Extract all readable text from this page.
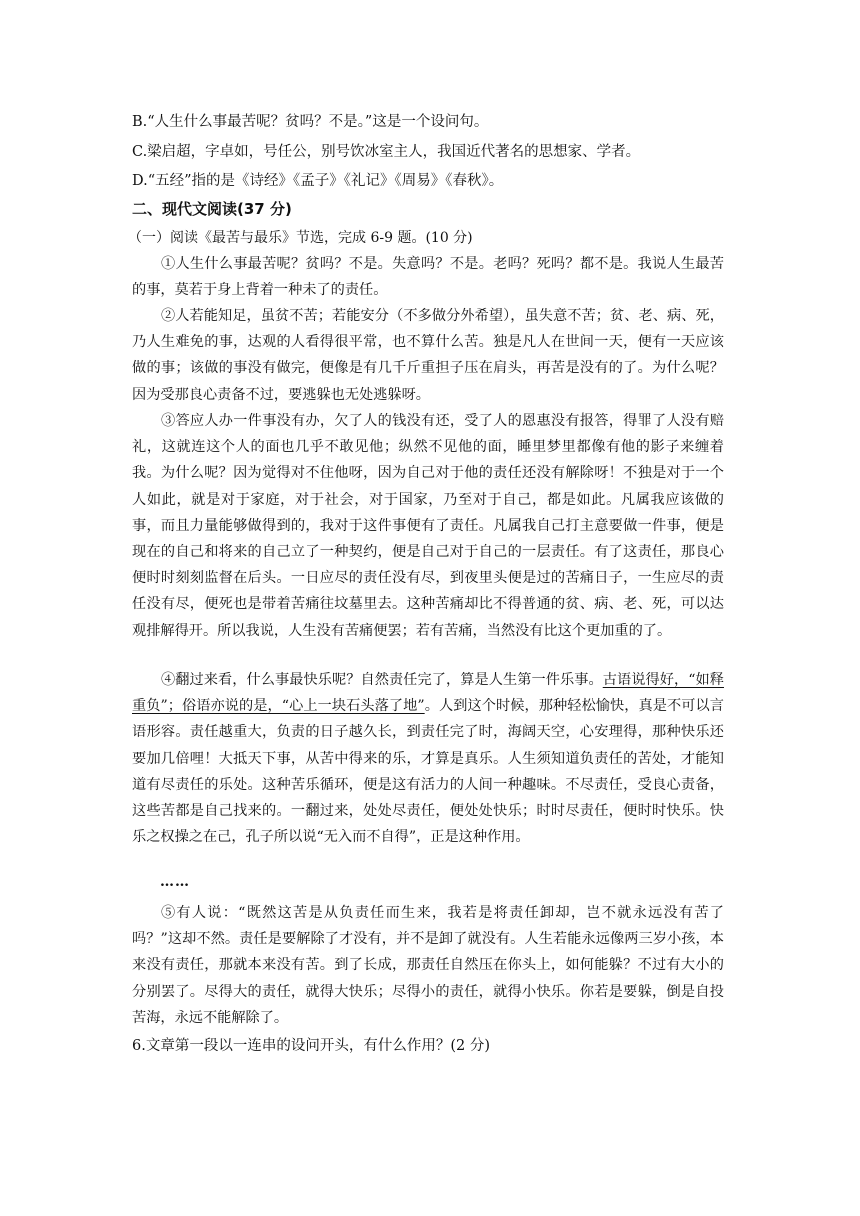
B.“人生什么事最苦呢？贫吗？不是。”这是一个设问句。
C.梁启超，字卓如，号任公，别号饮冰室主人，我国近代著名的思想家、学者。
D.“五经”指的是《诗经》《孟子》《礼记》《周易》《春秋》。
二、现代文阅读(37 分)
（一）阅读《最苦与最乐》节选，完成 6-9 题。(10 分)

①人生什么事最苦呢？贫吗？不是。失意吗？不是。老吗？死吗？都不是。我说人生最苦的事，莫若于身上背着一种未了的责任。

②人若能知足，虽贫不苦；若能安分（不多做分外希望），虽失意不苦；贫、老、病、死，乃人生难免的事，达观的人看得很平常，也不算什么苦。独是凡人在世间一天，便有一天应该做的事；该做的事没有做完，便像是有几千斤重担子压在肩头，再苦是没有的了。为什么呢？因为受那良心责备不过，要逃躲也无处逃躲呀。

③答应人办一件事没有办，欠了人的钱没有还，受了人的恩惠没有报答，得罪了人没有赔礼，这就连这个人的面也几乎不敢见他；纵然不见他的面，睡里梦里都像有他的影子来缠着我。为什么呢？因为觉得对不住他呀，因为自己对于他的责任还没有解除呀！不独是对于一个人如此，就是对于家庭，对于社会，对于国家，乃至对于自己，都是如此。凡属我应该做的事，而且力量能够做得到的，我对于这件事便有了责任。凡属我自己打主意要做一件事，便是现在的自己和将来的自己立了一种契约，便是自己对于自己的一层责任。有了这责任，那良心便时时刻刻监督在后头。一日应尽的责任没有尽，到夜里头便是过的苦痛日子，一生应尽的责任没有尽，便死也是带着苦痛往坟墓里去。这种苦痛却比不得普通的贫、病、老、死，可以达观排解得开。所以我说，人生没有苦痛便罢；若有苦痛，当然没有比这个更加重的了。

④翻过来看，什么事最快乐呢？自然责任完了，算是人生第一件乐事。古语说得好，“如释重负”；俗语亦说的是，“心上一块石头落了地”。人到这个时候，那种轻松愉快，真是不可以言语形容。责任越重大，负责的日子越久长，到责任完了时，海阔天空，心安理得，那种快乐还要加几倍哩！大抵天下事，从苦中得来的乐，才算是真乐。人生须知道负责任的苦处，才能知道有尽责任的乐处。这种苦乐循环，便是这有活力的人间一种趣味。不尽责任，受良心责备，这些苦都是自己找来的。一翻过来，处处尽责任，便处处快乐；时时尽责任，便时时快乐。快乐之权操之在己，孔子所以说“无入而不自得”，正是这种作用。

……

⑤有人说：“既然这苦是从负责任而生来，我若是将责任卸却，岂不就永远没有苦了吗？”这却不然。责任是要解除了才没有，并不是卸了就没有。人生若能永远像两三岁小孩，本来没有责任，那就本来没有苦。到了长成，那责任自然压在你头上，如何能躲？不过有大小的分别罢了。尽得大的责任，就得大快乐；尽得小的责任，就得小快乐。你若是要躲，倒是自投苦海，永远不能解除了。

6.文章第一段以一连串的设问开头，有什么作用？(2 分)
